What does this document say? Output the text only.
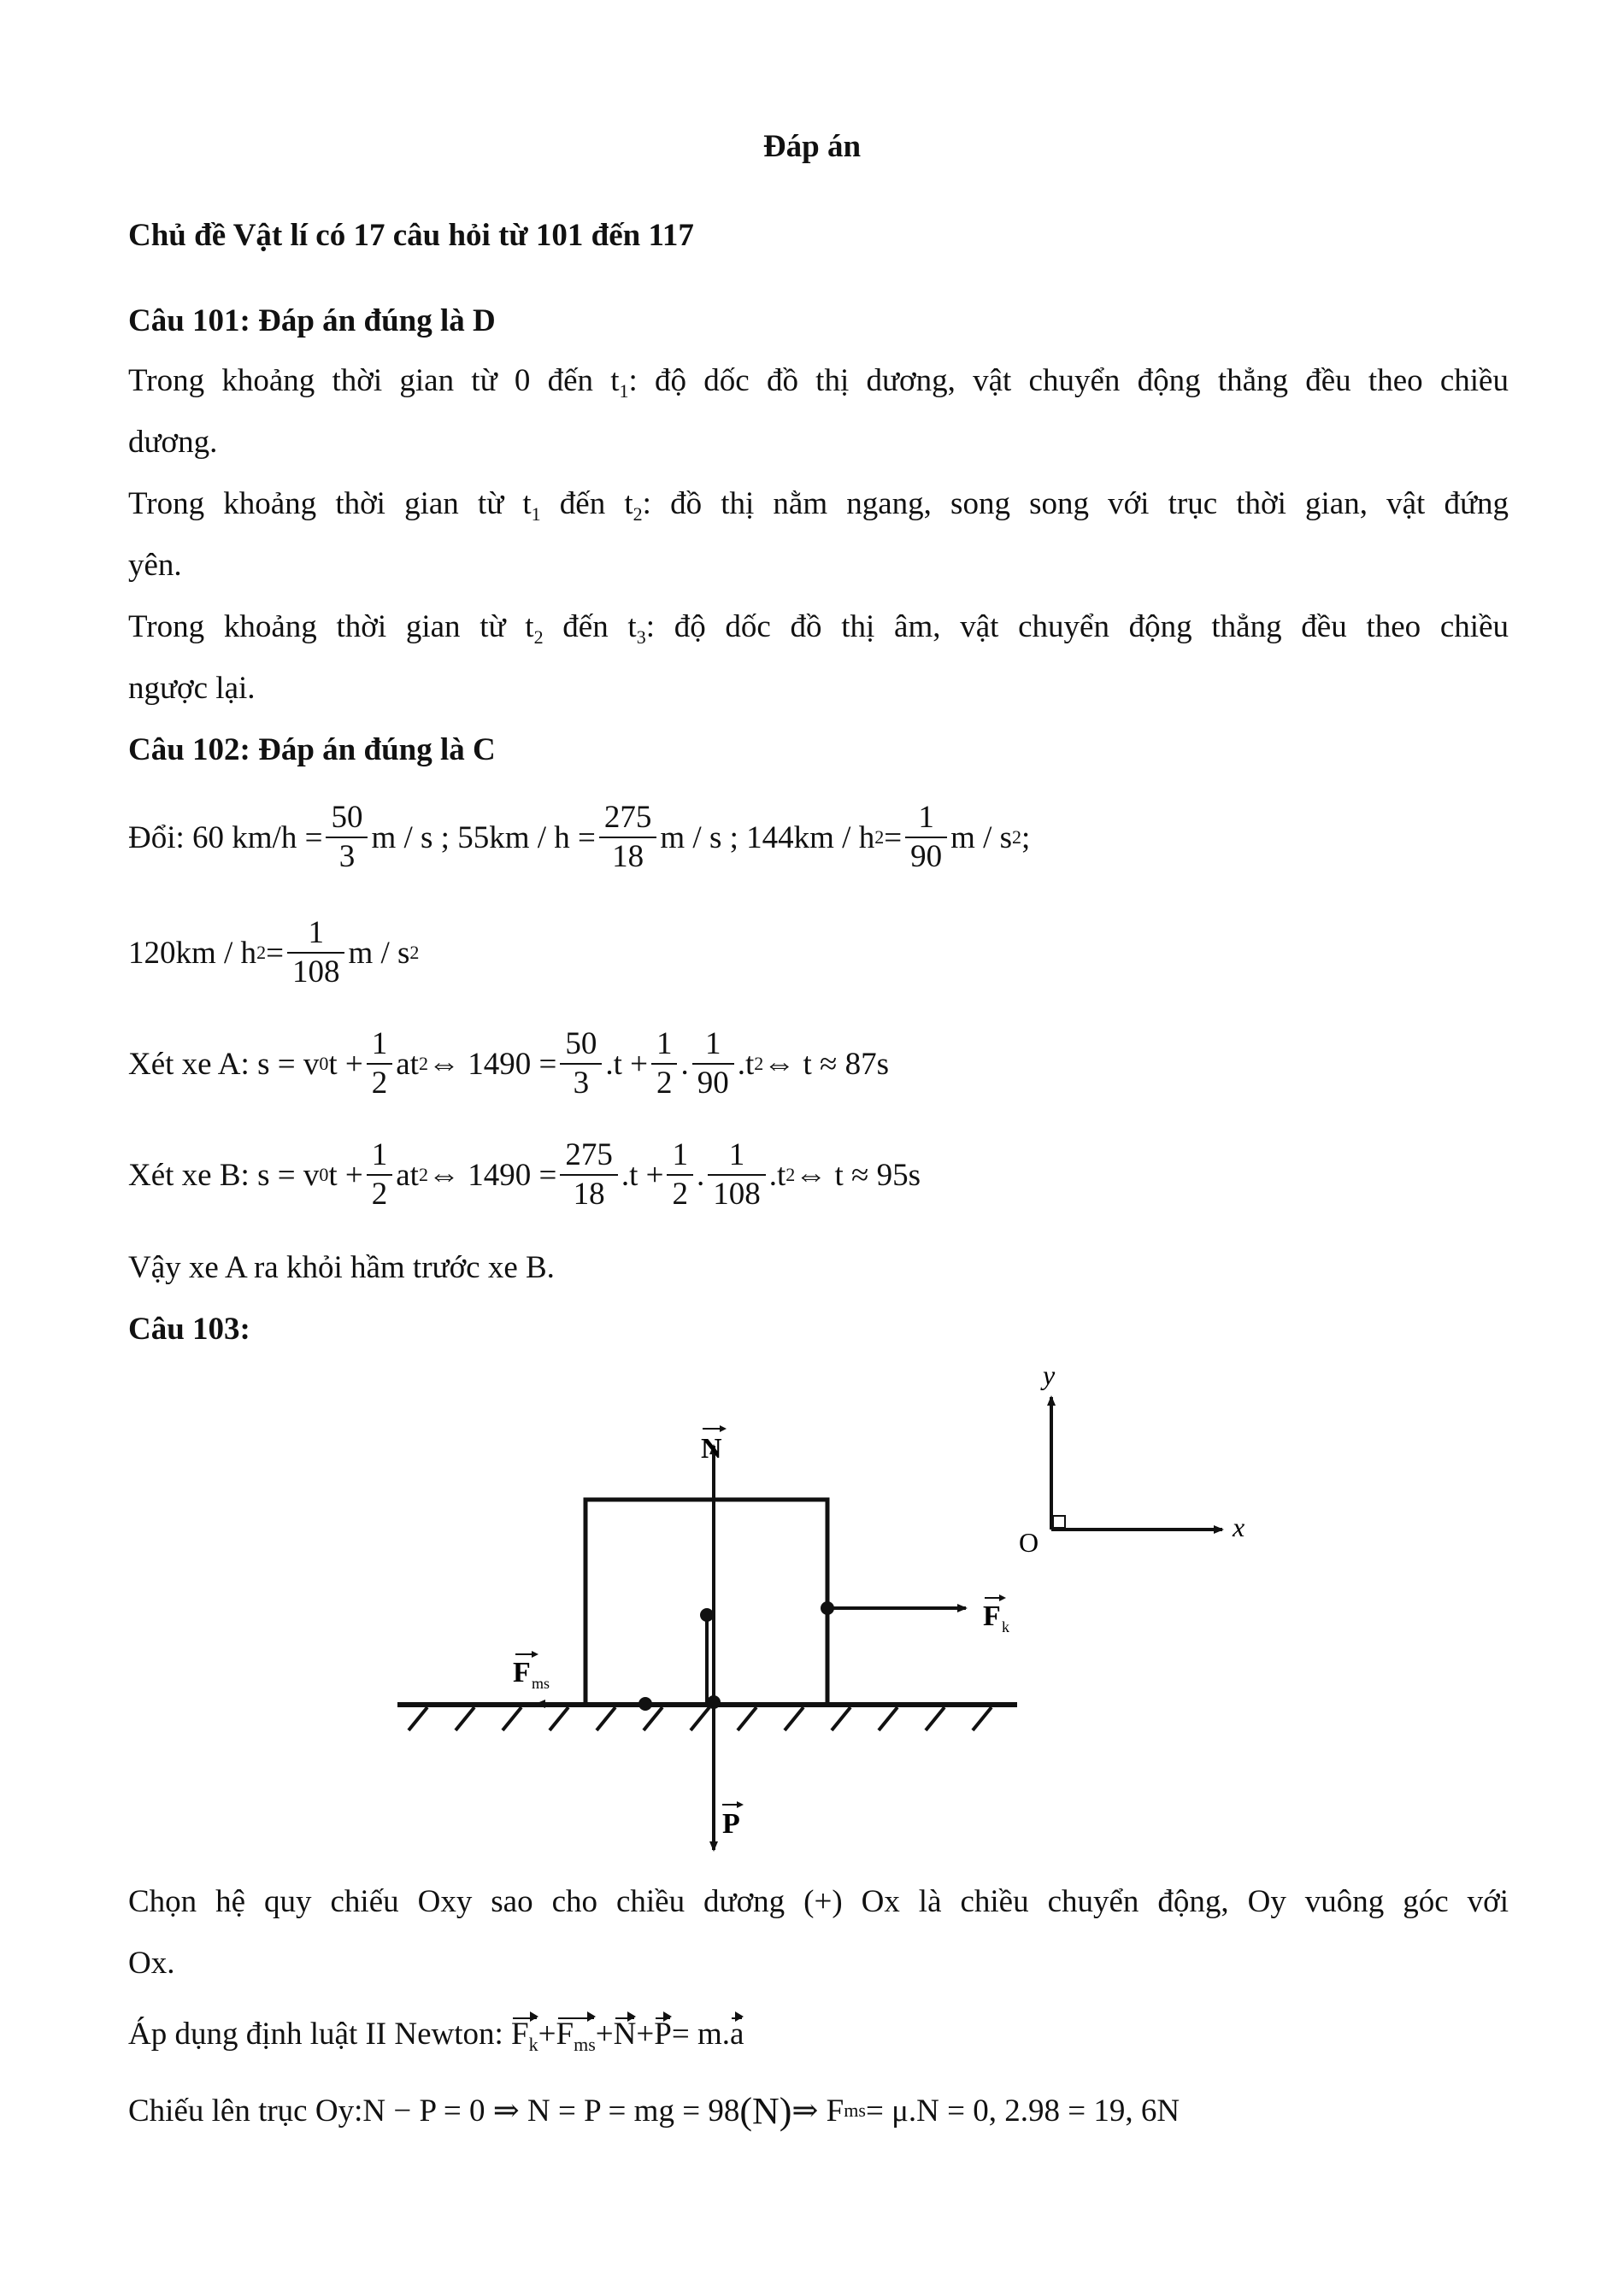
Đáp án
Chủ đề Vật lí có 17 câu hỏi từ 101 đến 117
Câu 101: Đáp án đúng là D
Trong khoảng thời gian từ 0 đến $t_1$: độ dốc đồ thị dương, vật chuyển động thẳng đều theo chiều
dương.
Trong khoảng thời gian từ $t_1$ đến $t_2$: đồ thị nằm ngang, song song với trục thời gian, vật đứng
yên.
Trong khoảng thời gian từ $t_2$ đến $t_3$: độ dốc đồ thị âm, vật chuyển động thẳng đều theo chiều
ngược lại.
Câu 102: Đáp án đúng là C
Đổi: 60 $km/h = \frac{50}{3}$ m / s ; $55km / h = \frac{275}{18}$ m / s ; 144km / h $2 = \frac{1}{90}$ m / s 2 ;
120km / h $2 = \frac{1}{108}$ m / s 2
Xét xe A:
s = v 0 $t + \frac{1}{2}$ at 2 ⇔ $1490 = \frac{50}{3} .t + \frac{1}{2}$ . $\frac{1}{90} .t$ 2 ⇔ t ≈ 87s
Xét xe B:
s = v 0 $t + \frac{1}{2}$ at 2 ⇔ $1490 = \frac{275}{18} .t + \frac{1}{2}$ . $\frac{1}{108} .t$ 2 ⇔ t ≈ 95s
Vậy xe A ra khỏi hầm trước xe B.
Câu 103:
N
F k
F ms
P
O	x
y
Chọn hệ quy chiếu Oxy sao cho chiều dương (+) Ox là chiều chuyển động, Oy vuông góc với
Ox.
Áp dụng định luật II Newton:
$F_k + F_{ms} + N + P = m$. a
Chiếu lên trục Oy: N − P = 0 ⇒ N = P = mg = 98 (N) ⇒ F ms = μ.N = 0, 2.98 = 19, 6N
